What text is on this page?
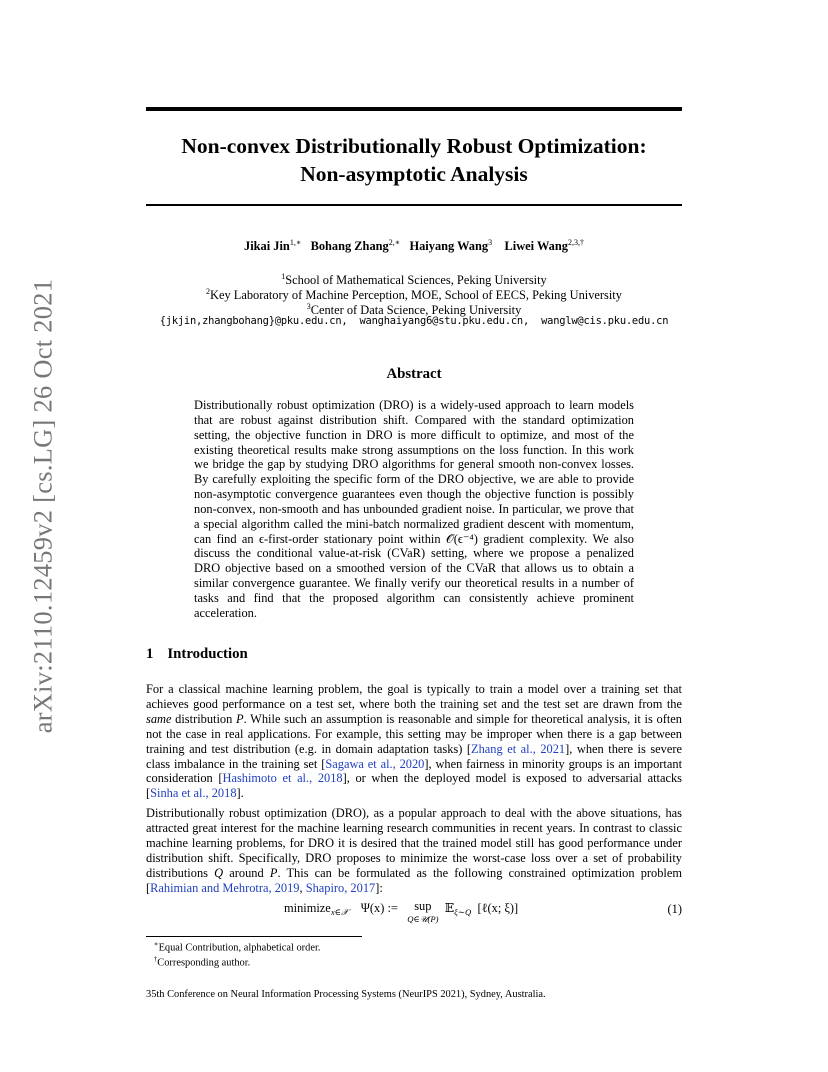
arXiv:2110.12459v2 [cs.LG] 26 Oct 2021
Non-convex Distributionally Robust Optimization:
Non-asymptotic Analysis
Jikai Jin$^{1,∗}$ Bohang Zhang$^{2,∗}$ Haiyang Wang$^3$ Liwei Wang$^{2,3,\dagger}$
$^1$School of Mathematical Sciences, Peking University
$^2$Key Laboratory of Machine Perception, MOE, School of EECS, Peking University
$^3$Center of Data Science, Peking University
{jkjin,zhangbohang}@pku.edu.cn, wanghaiyang6@stu.pku.edu.cn, wanglw@cis.pku.edu.cn
Abstract

Distributionally robust optimization (DRO) is a widely-used approach to learn models that are robust against distribution shift. Compared with the standard optimization setting, the objective function in DRO is more difficult to optimize, and most of the existing theoretical results make strong assumptions on the loss function. In this work we bridge the gap by studying DRO algorithms for general smooth non-convex losses. By carefully exploiting the specific form of the DRO objective, we are able to provide non-asymptotic convergence guarantees even though the objective function is possibly non-convex, non-smooth and has unbounded gradient noise. In particular, we prove that a special algorithm called the mini-batch normalized gradient descent with momentum, can find an ϵ-first-order stationary point within 𝒪(ϵ⁻⁴) gradient complexity. We also discuss the conditional value-at-risk (CVaR) setting, where we propose a penalized DRO objective based on a smoothed version of the CVaR that allows us to obtain a similar convergence guarantee. We finally verify our theoretical results in a number of tasks and find that the proposed algorithm can consistently achieve prominent acceleration.

1 Introduction

For a classical machine learning problem, the goal is typically to train a model over a training set that achieves good performance on a test set, where both the training set and the test set are drawn from the same distribution P. While such an assumption is reasonable and simple for theoretical analysis, it is often not the case in real applications. For example, this setting may be improper when there is a gap between training and test distribution (e.g. in domain adaptation tasks) [Zhang et al., 2021], when there is severe class imbalance in the training set [Sagawa et al., 2020], when fairness in minority groups is an important consideration [Hashimoto et al., 2018], or when the deployed model is exposed to adversarial attacks [Sinha et al., 2018].

Distributionally robust optimization (DRO), as a popular approach to deal with the above situations, has attracted great interest for the machine learning research communities in recent years. In contrast to classic machine learning problems, for DRO it is desired that the trained model still has good performance under distribution shift. Specifically, DRO proposes to minimize the worst-case loss over a set of probability distributions Q around P. This can be formulated as the following constrained optimization problem [Rahimian and Mehrotra, 2019, Shapiro, 2017]:

minimize$_{x\in 𝒳}$ Ψ(x) := sup
Q∈𝒰(P)  𝔼$_{\xi\sim Q}$ [ℓ(x; ξ)]	(1)
∗Equal Contribution, alphabetical order.
†Corresponding author.
35th Conference on Neural Information Processing Systems (NeurIPS 2021), Sydney, Australia.
